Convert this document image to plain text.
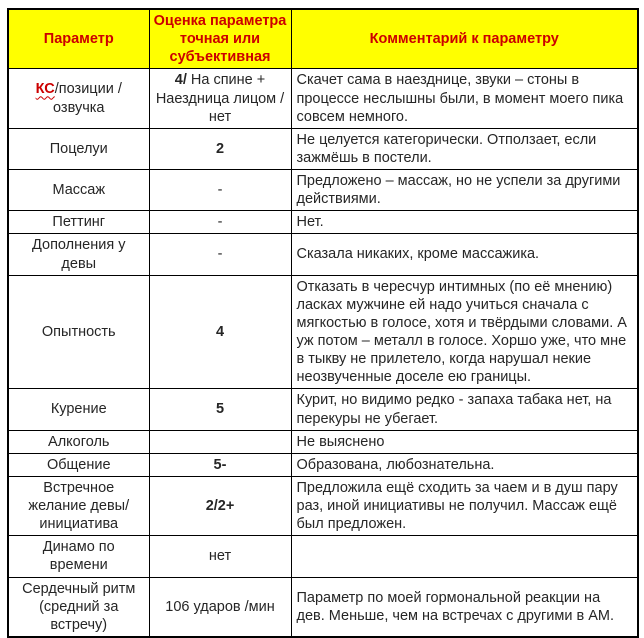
Параметр	Оценка параметра точная или субъективная	Комментарий к параметру
КС/позиции /озвучка	4/ На спине + Наездница лицом /нет	Скачет сама в наезднице, звуки – стоны в процессе неслышны были, в момент моего пика совсем немного.
Поцелуи	2	Не целуется категорически. Отползает, если зажмёшь в постели.
Массаж	-	Предложено – массаж, но не успели за другими действиями.
Петтинг	-	Нет.
Дополнения у девы	-	Сказала никаких, кроме массажика.
Опытность	4	Отказать в чересчур интимных (по её мнению) ласках мужчине ей надо учиться сначала с мягкостью в голосе, хотя и твёрдыми словами. А уж потом – металл в голосе. Хоршо уже, что мне в тыкву не прилетело, когда нарушал некие неозвученные доселе ею границы.
Курение	5	Курит, но видимо редко - запаха табака нет, на перекуры не убегает.
Алкоголь		Не выяснено
Общение	5-	Образована, любознательна.
Встречное желание девы/ инициатива	2/2+	Предложила ещё сходить за чаем и в душ пару раз, иной инициативы не получил. Массаж ещё был предложен.
Динамо по времени	нет	
Сердечный ритм (средний за встречу)	106 ударов /мин	Параметр по моей гормональной реакции на дев. Меньше, чем на встречах с другими в АМ.
